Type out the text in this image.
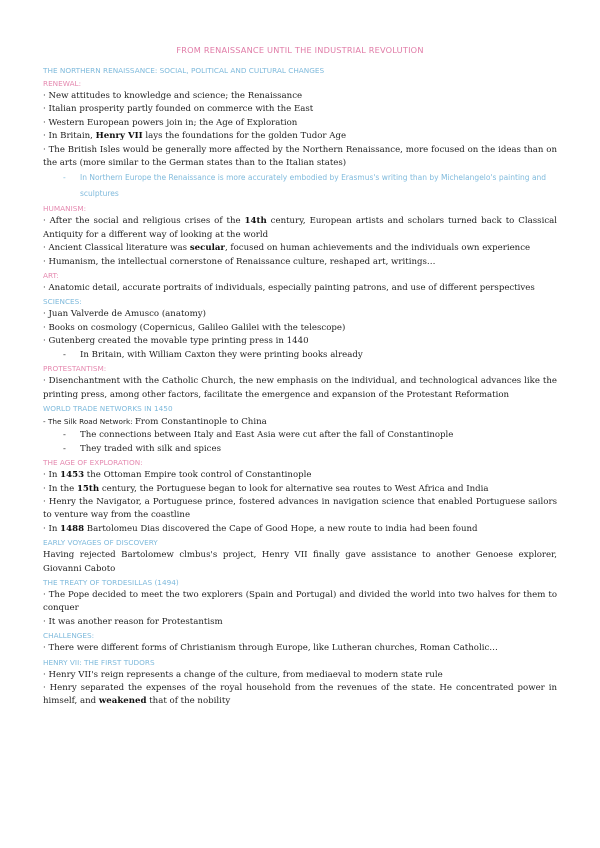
FROM RENAISSANCE UNTIL THE INDUSTRIAL REVOLUTION
THE NORTHERN RENAISSANCE: SOCIAL, POLITICAL AND CULTURAL CHANGES
RENEWAL:

· New attitudes to knowledge and science; the Renaissance

· Italian prosperity partly founded on commerce with the East

· Western European powers join in; the Age of Exploration

· In Britain, Henry VII lays the foundations for the golden Tudor Age

· The British Isles would be generally more affected by the Northern Renaissance, more focused on the ideas than on the arts (more similar to the German states than to the Italian states)

-	In Northern Europe the Renaissance is more accurately embodied by Erasmus's writing than by Michelangelo's painting and sculptures
HUMANISM:

· After the social and religious crises of the 14th century, European artists and scholars turned back to Classical Antiquity for a different way of looking at the world

· Ancient Classical literature was secular, focused on human achievements and the individuals own experience

· Humanism, the intellectual cornerstone of Renaissance culture, reshaped art, writings…

ART:

· Anatomic detail, accurate portraits of individuals, especially painting patrons, and use of different perspectives

SCIENCES:

· Juan Valverde de Amusco (anatomy)

· Books on cosmology (Copernicus, Galileo Galilei with the telescope)

· Gutenberg created the movable type printing press in 1440

-	In Britain, with William Caxton they were printing books already
PROTESTANTISM:

· Disenchantment with the Catholic Church, the new emphasis on the individual, and technological advances like the printing press, among other factors, facilitate the emergence and expansion of the Protestant Reformation

WORLD TRADE NETWORKS IN 1450

- The Silk Road Network: From Constantinople to China

-	The connections between Italy and East Asia were cut after the fall of Constantinople
-	They traded with silk and spices
THE AGE OF EXPLORATION:

· In 1453 the Ottoman Empire took control of Constantinople

· In the 15th century, the Portuguese began to look for alternative sea routes to West Africa and India

· Henry the Navigator, a Portuguese prince, fostered advances in navigation science that enabled Portuguese sailors to venture way from the coastline

· In 1488 Bartolomeu Dias discovered the Cape of Good Hope, a new route to india had been found

EARLY VOYAGES OF DISCOVERY

Having rejected Bartolomew clmbus's project, Henry VII finally gave assistance to another Genoese explorer, Giovanni Caboto

THE TREATY OF TORDESILLAS (1494)

· The Pope decided to meet the two explorers (Spain and Portugal) and divided the world into two halves for them to conquer

· It was another reason for Protestantism

CHALLENGES:

· There were different forms of Christianism through Europe, like Lutheran churches, Roman Catholic…

HENRY VII: THE FIRST TUDORS

· Henry VII's reign represents a change of the culture, from mediaeval to modern state rule

· Henry separated the expenses of the royal household from the revenues of the state. He concentrated power in himself, and weakened that of the nobility
